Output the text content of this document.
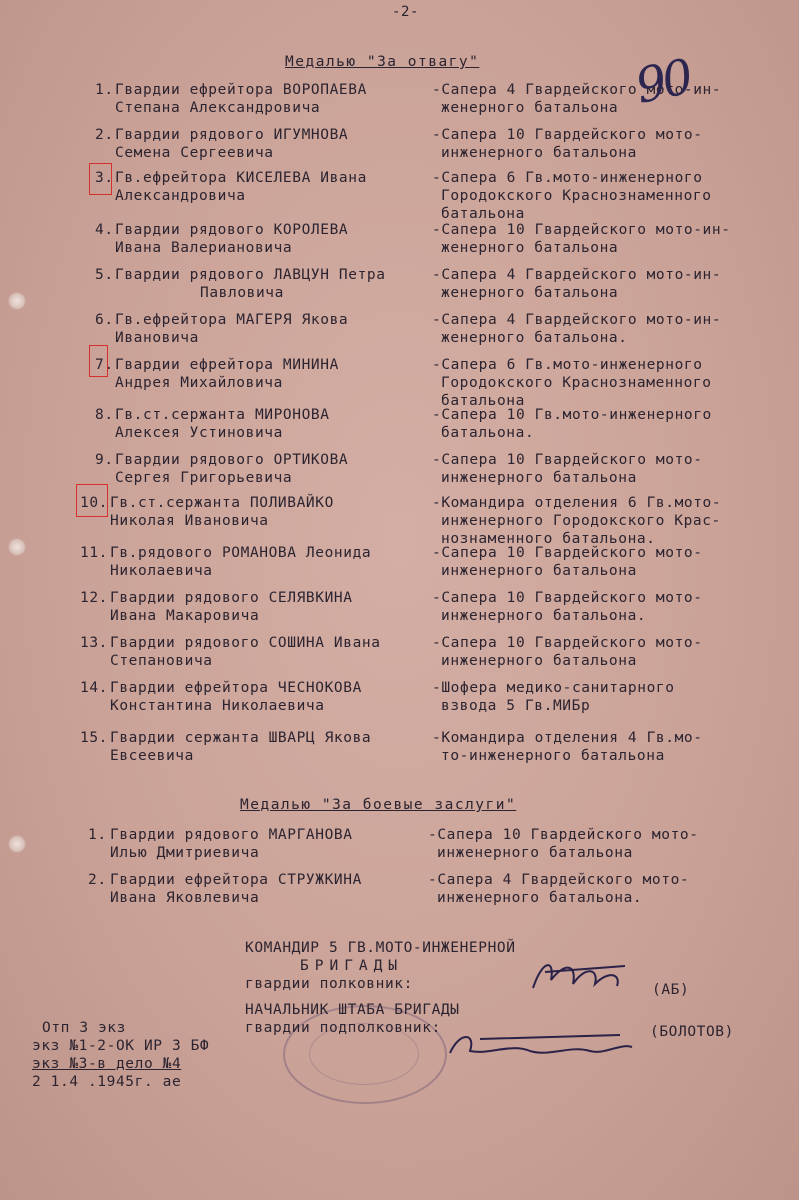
-2-
Медалью "За отвагу"
1. Гвардии ефрейтора ВОРОПАЕВА
Степана Александровича
-Сапера 4 Гвардейского мото-ин-
женерного батальона
2. Гвардии рядового ИГУМНОВА
Семена Сергеевича
-Сапера 10 Гвардейского мото-
инженерного батальона
3. Гв.ефрейтора КИСЕЛЕВА Ивана
Александровича
-Сапера 6 Гв.мото-инженерного
Городокского Краснознаменного
батальона
4. Гвардии рядового КОРОЛЕВА
Ивана Валериановича
-Сапера 10 Гвардейского мото-ин-
женерного батальона
5. Гвардии рядового ЛАВЦУН Петра
Павловича
-Сапера 4 Гвардейского мото-ин-
женерного батальона
6. Гв.ефрейтора МАГЕРЯ Якова
Ивановича
-Сапера 4 Гвардейского мото-ин-
женерного батальона.
7. Гвардии ефрейтора МИНИНА
Андрея Михайловича
-Сапера 6 Гв.мото-инженерного
Городокского Краснознаменного
батальона
8. Гв.ст.сержанта МИРОНОВА
Алексея Устиновича
-Сапера 10 Гв.мото-инженерного
батальона.
9. Гвардии рядового ОРТИКОВА
Сергея Григорьевича
-Сапера 10 Гвардейского мото-
инженерного батальона
10. Гв.ст.сержанта ПОЛИВАЙКО
Николая Ивановича
-Командира отделения 6 Гв.мото-
инженерного Городокского Крас-
нознаменного батальона.
11. Гв.рядового РОМАНОВА Леонида
Николаевича
-Сапера 10 Гвардейского мото-
инженерного батальона
12. Гвардии рядового СЕЛЯВКИНА
Ивана Макаровича
-Сапера 10 Гвардейского мото-
инженерного батальона.
13. Гвардии рядового СОШИНА Ивана
Степановича
-Сапера 10 Гвардейского мото-
инженерного батальона
14. Гвардии ефрейтора ЧЕСНОКОВА
Константина Николаевича
-Шофера медико-санитарного
взвода 5 Гв.МИБр
15. Гвардии сержанта ШВАРЦ Якова
Евсеевича
-Командира отделения 4 Гв.мо-
то-инженерного батальона
Медалью "За боевые заслуги"
1. Гвардии рядового МАРГАНОВА
Илью Дмитриевича
-Сапера 10 Гвардейского мото-
инженерного батальона
2. Гвардии ефрейтора СТРУЖКИНА
Ивана Яковлевича
-Сапера 4 Гвардейского мото-
инженерного батальона.
КОМАНДИР 5 ГВ.МОТО-ИНЖЕНЕРНОЙ
БРИГАДЫ
гвардии полковник:	(АБ)
НАЧАЛЬНИК ШТАБА БРИГАДЫ
гвардии подполковник:	(БОЛОТОВ)
Отп 3 экз
экз №1-2-ОК ИР 3 БФ
экз №3-в дело №4
2 1.4 .1945г. ае
90
